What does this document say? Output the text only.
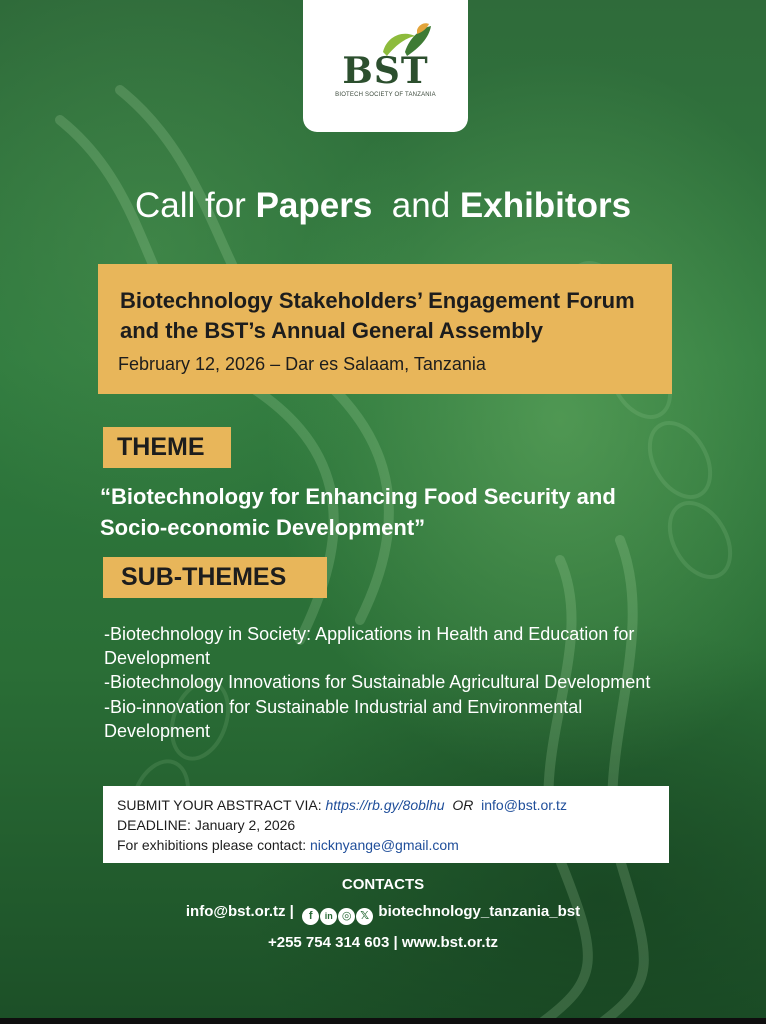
BST
BIOTECH SOCIETY OF TANZANIA
Call for Papers  and Exhibitors
Biotechnology Stakeholders’ Engagement Forum and the BST’s Annual General Assembly
February 12, 2026 – Dar es Salaam, Tanzania
THEME
“Biotechnology for Enhancing Food Security and Socio-economic Development”
SUB-THEMES
-Biotechnology in Society: Applications in Health and Education for Development
-Biotechnology Innovations for Sustainable Agricultural Development
-Bio-innovation for Sustainable Industrial and Environmental Development
SUBMIT YOUR ABSTRACT VIA: https://rb.gy/8oblhu  OR  info@bst.or.tz
DEADLINE: January 2, 2026
For exhibitions please contact: nicknyange@gmail.com
CONTACTS
info@bst.or.tz |  f in ◎ 𝕏 biotechnology_tanzania_bst
+255 754 314 603 | www.bst.or.tz
